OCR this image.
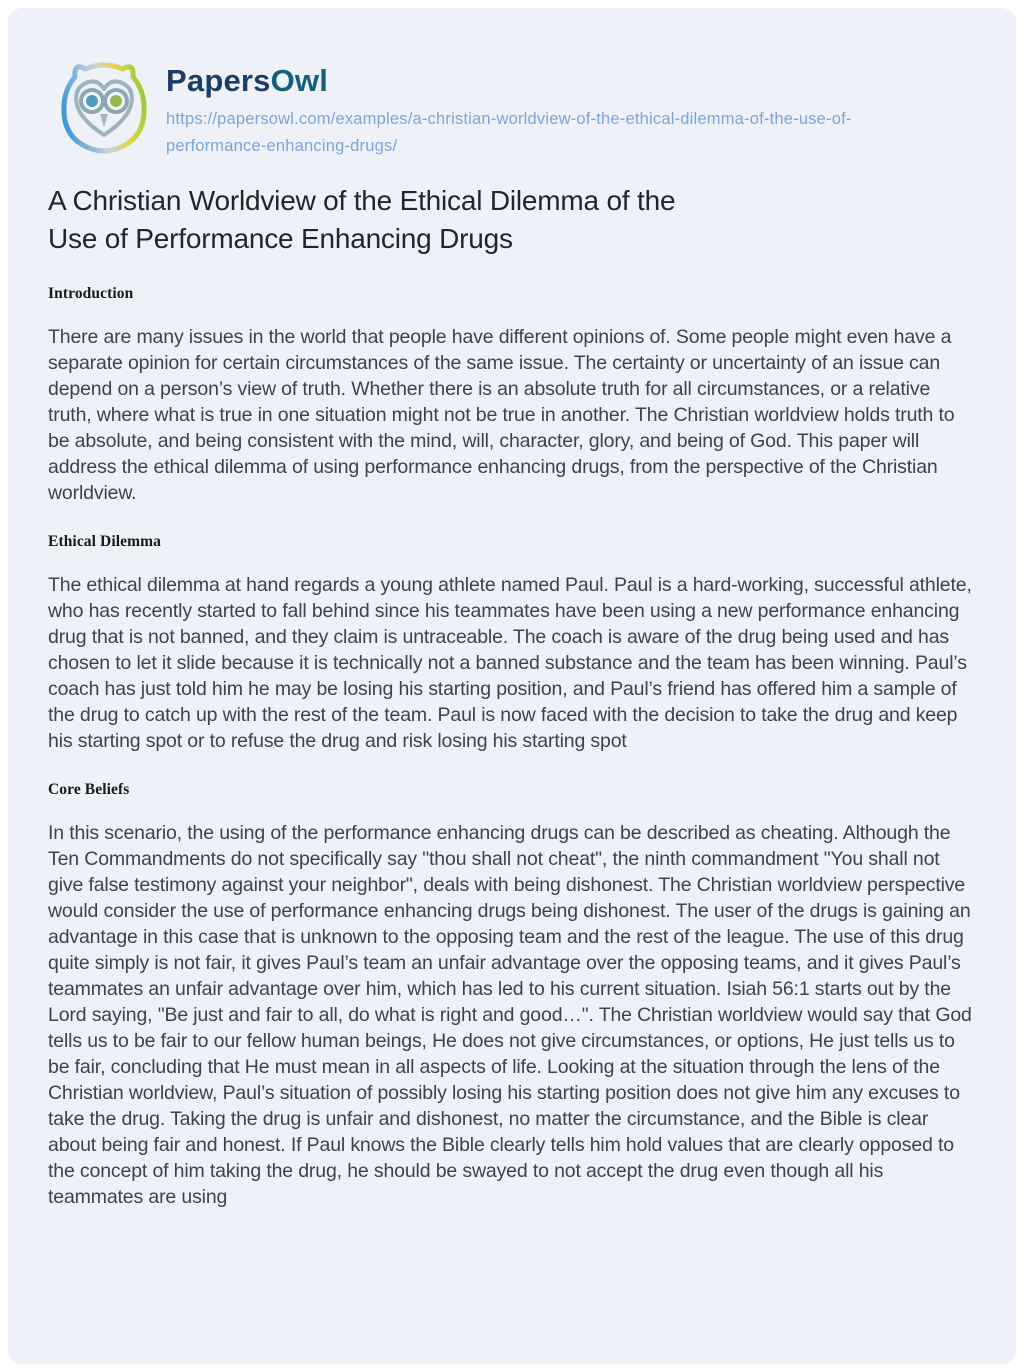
PapersOwl
https://papersowl.com/examples/a-christian-worldview-of-the-ethical-dilemma-of-the-use-of-
performance-enhancing-drugs/
A Christian Worldview of the Ethical Dilemma of the
Use of Performance Enhancing Drugs
Introduction

There are many issues in the world that people have different opinions of. Some people might even have a separate opinion for certain circumstances of the same issue. The certainty or uncertainty of an issue can depend on a person’s view of truth. Whether there is an absolute truth for all circumstances, or a relative truth, where what is true in one situation might not be true in another. The Christian worldview holds truth to be absolute, and being consistent with the mind, will, character, glory, and being of God. This paper will address the ethical dilemma of using performance enhancing drugs, from the perspective of the Christian worldview.

Ethical Dilemma

The ethical dilemma at hand regards a young athlete named Paul. Paul is a hard-working, successful athlete, who has recently started to fall behind since his teammates have been using a new performance enhancing drug that is not banned, and they claim is untraceable. The coach is aware of the drug being used and has chosen to let it slide because it is technically not a banned substance and the team has been winning. Paul’s coach has just told him he may be losing his starting position, and Paul’s friend has offered him a sample of the drug to catch up with the rest of the team. Paul is now faced with the decision to take the drug and keep his starting spot or to refuse the drug and risk losing his starting spot

Core Beliefs

In this scenario, the using of the performance enhancing drugs can be described as cheating. Although the Ten Commandments do not specifically say "thou shall not cheat", the ninth commandment "You shall not give false testimony against your neighbor", deals with being dishonest. The Christian worldview perspective would consider the use of performance enhancing drugs being dishonest. The user of the drugs is gaining an advantage in this case that is unknown to the opposing team and the rest of the league. The use of this drug quite simply is not fair, it gives Paul’s team an unfair advantage over the opposing teams, and it gives Paul’s teammates an unfair advantage over him, which has led to his current situation. Isiah 56:1 starts out by the Lord saying, "Be just and fair to all, do what is right and good…". The Christian worldview would say that God tells us to be fair to our fellow human beings, He does not give circumstances, or options, He just tells us to be fair, concluding that He must mean in all aspects of life. Looking at the situation through the lens of the Christian worldview, Paul’s situation of possibly losing his starting position does not give him any excuses to take the drug. Taking the drug is unfair and dishonest, no matter the circumstance, and the Bible is clear about being fair and honest. If Paul knows the Bible clearly tells him hold values that are clearly opposed to the concept of him taking the drug, he should be swayed to not accept the drug even though all his teammates are using
